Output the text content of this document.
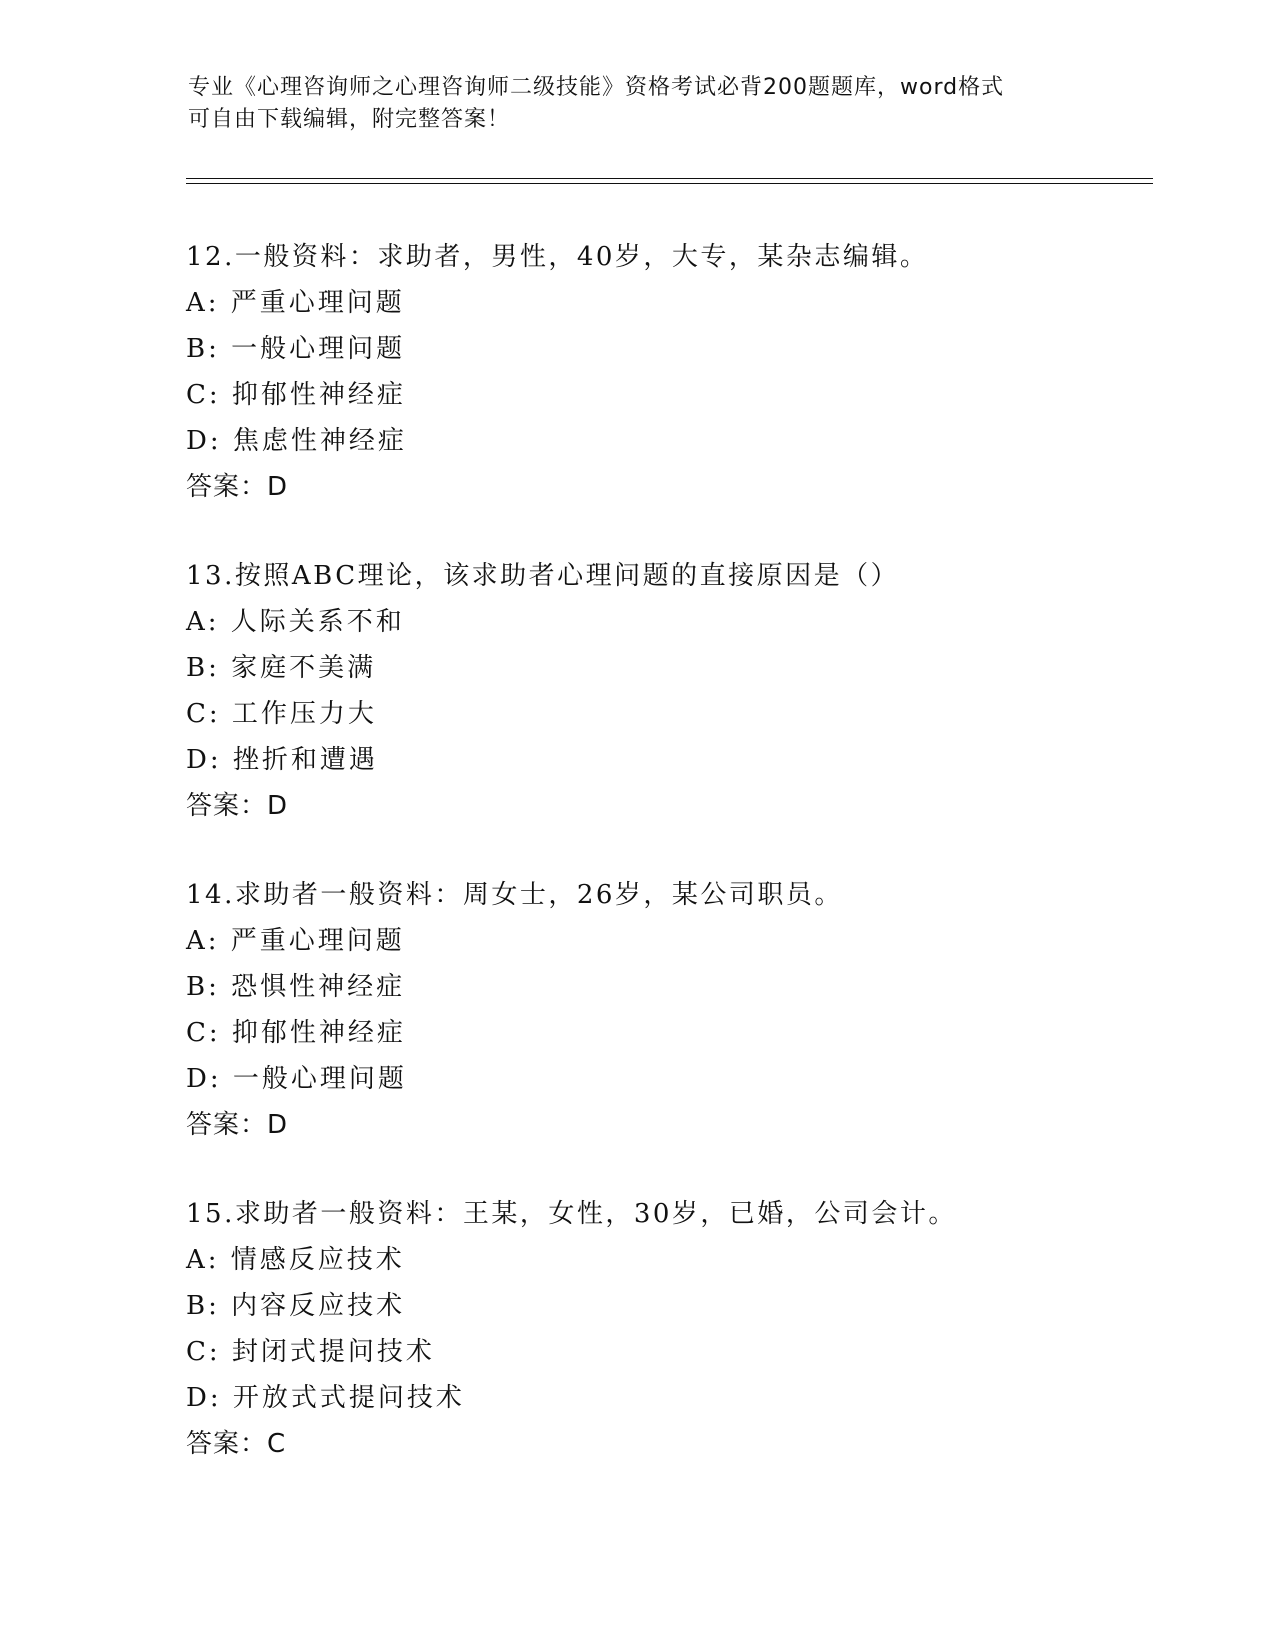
专业《心理咨询师之心理咨询师二级技能》资格考试必背200题题库，word格式
可自由下载编辑，附完整答案！
12.一般资料：求助者，男性，40岁，大专，某杂志编辑。
A: 严重心理问题
B: 一般心理问题
C: 抑郁性神经症
D: 焦虑性神经症
答案：D
13.按照ABC理论，该求助者心理问题的直接原因是（）
A: 人际关系不和
B: 家庭不美满
C: 工作压力大
D: 挫折和遭遇
答案：D
14.求助者一般资料：周女士，26岁，某公司职员。
A: 严重心理问题
B: 恐惧性神经症
C: 抑郁性神经症
D: 一般心理问题
答案：D
15.求助者一般资料：王某，女性，30岁，已婚，公司会计。
A: 情感反应技术
B: 内容反应技术
C: 封闭式提问技术
D: 开放式式提问技术
答案：C
